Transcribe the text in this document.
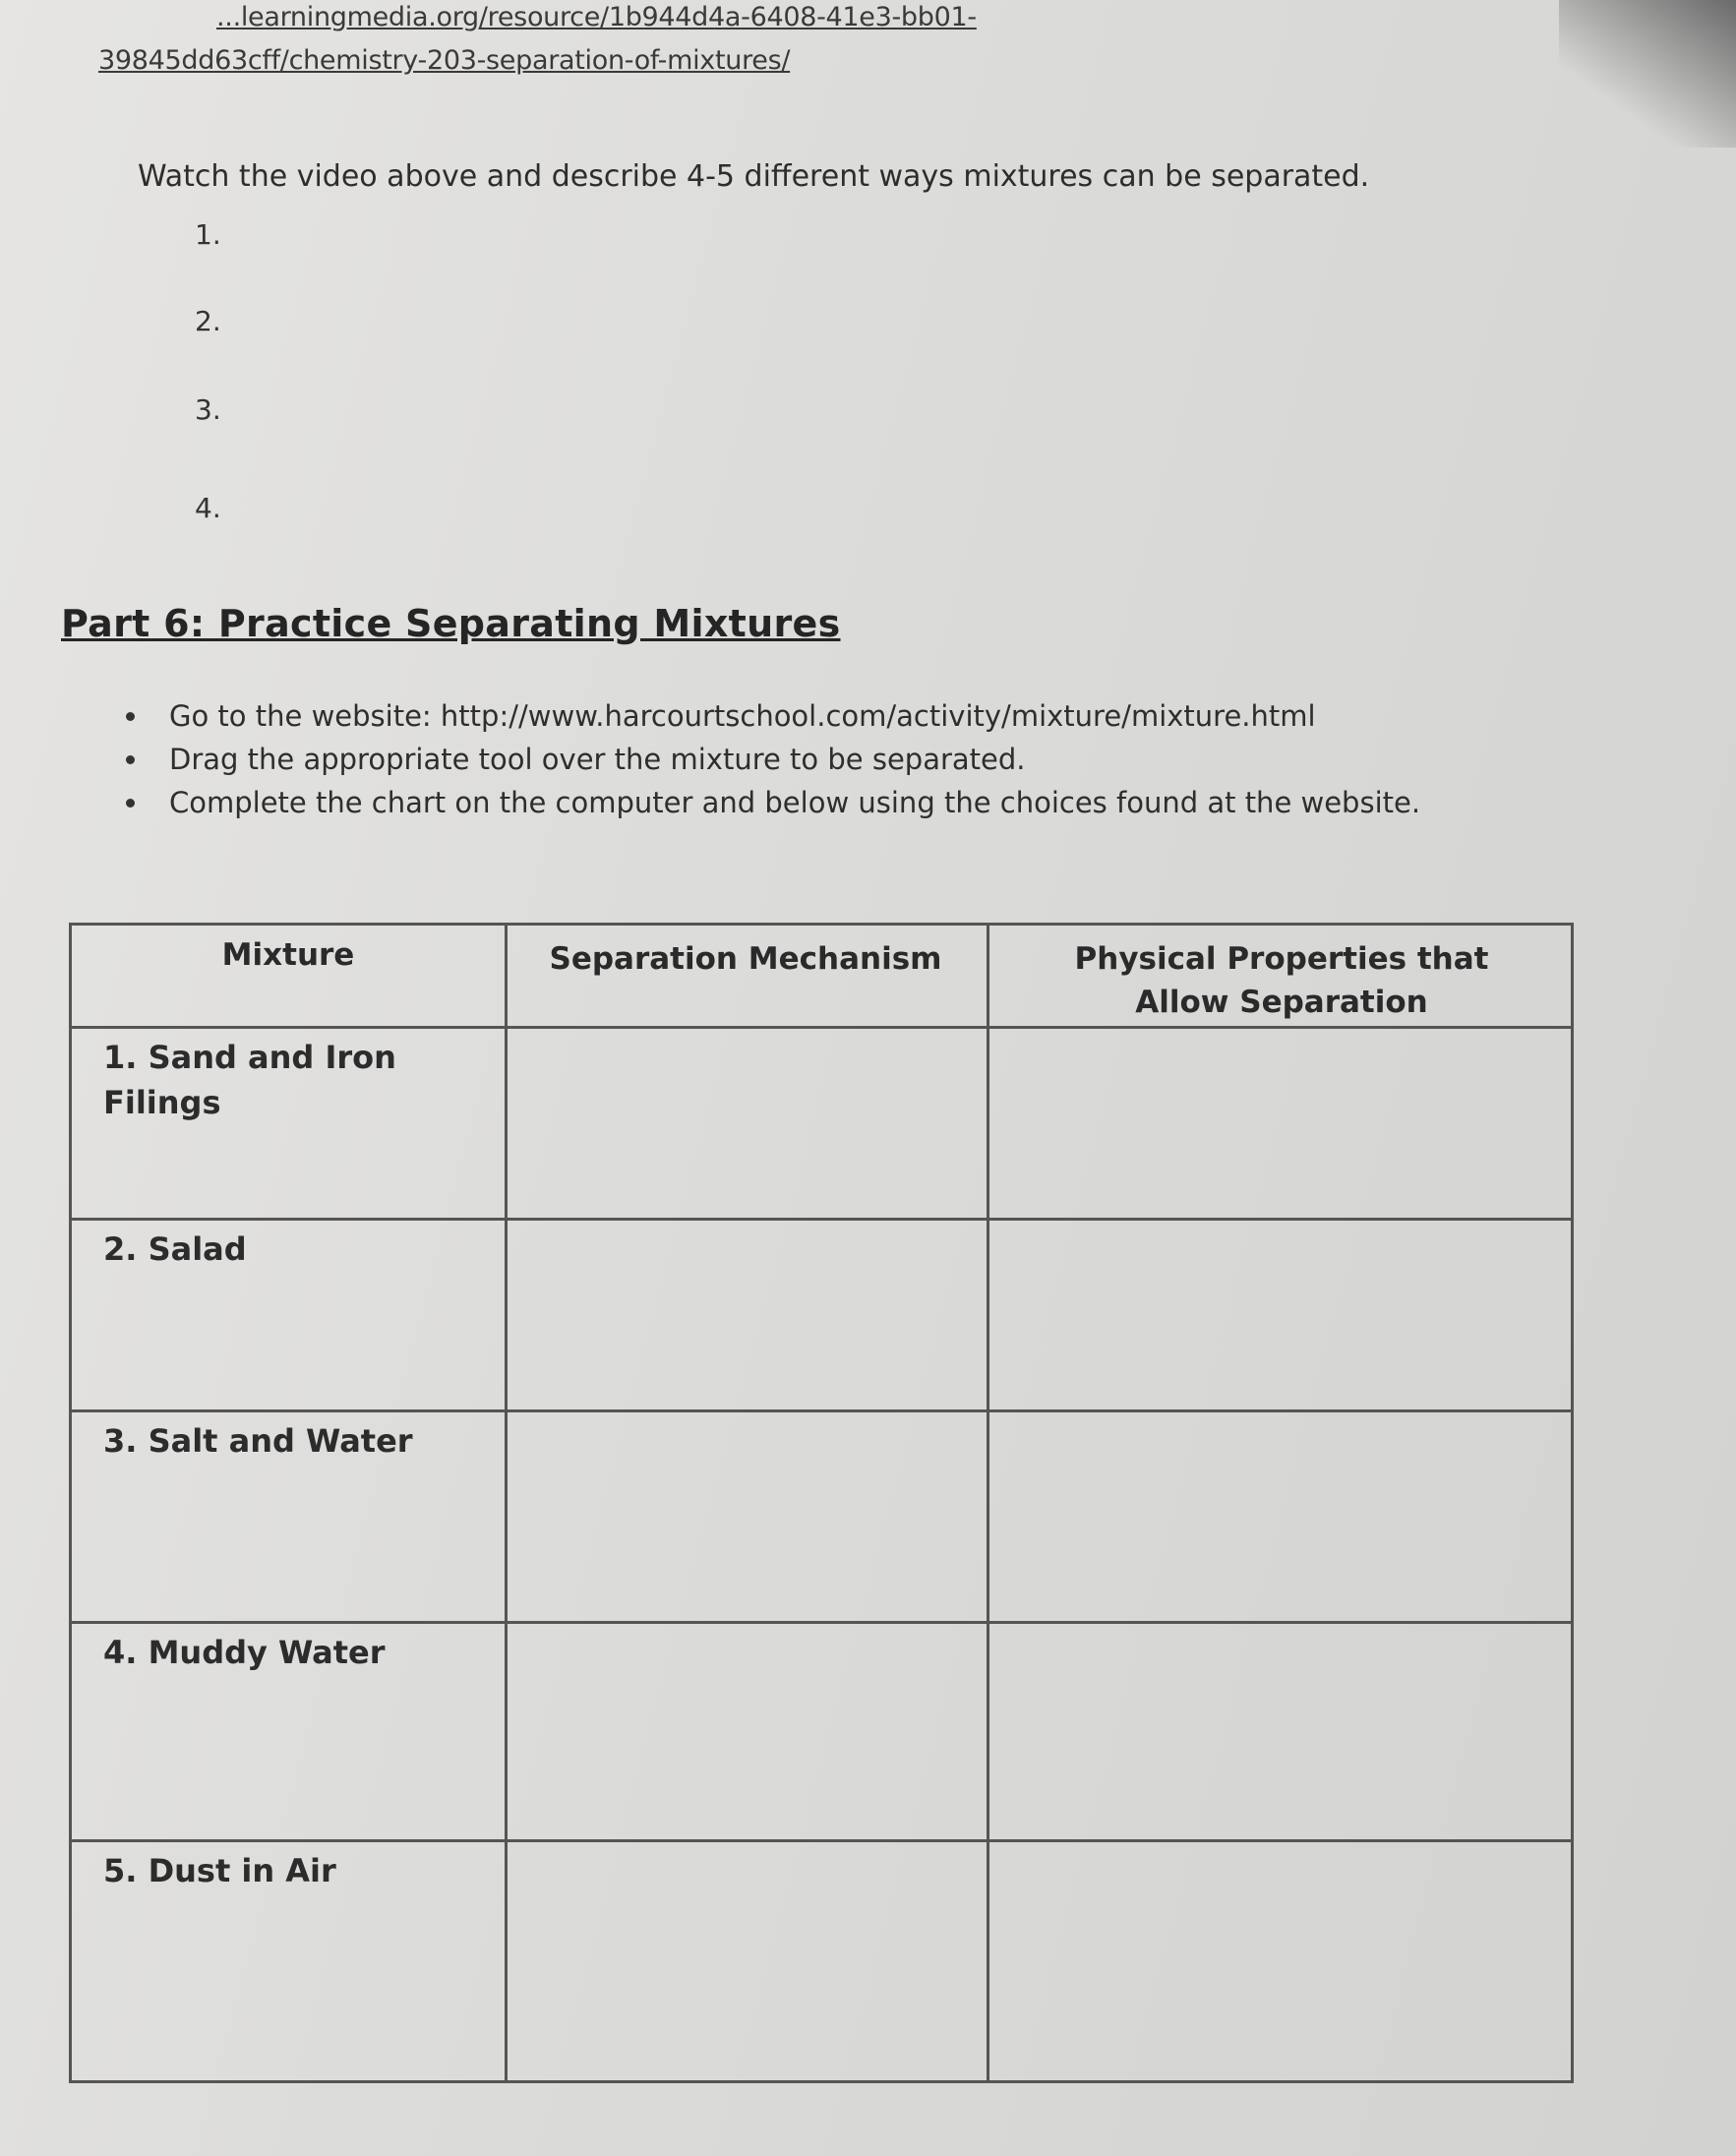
...learningmedia.org/resource/1b944d4a-6408-41e3-bb01-
39845dd63cff/chemistry-203-separation-of-mixtures/
Watch the video above and describe 4-5 different ways mixtures can be separated.
1.
2.
3.
4.
Part 6: Practice Separating Mixtures
Go to the website: http://www.harcourtschool.com/activity/mixture/mixture.html
Drag the appropriate tool over the mixture to be separated.
Complete the chart on the computer and below using the choices found at the website.
Mixture	Separation Mechanism	Physical Properties that Allow Separation
1. Sand and Iron Filings
2. Salad
3. Salt and Water
4. Muddy Water
5. Dust in Air
